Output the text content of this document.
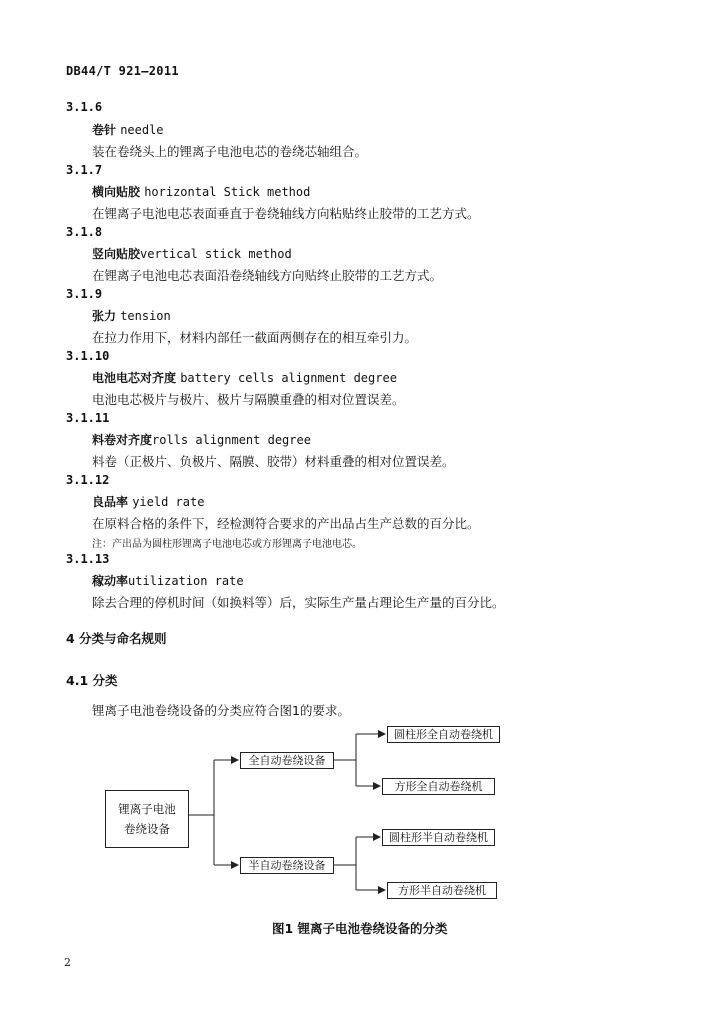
DB44/T 921—2011
3.1.6
卷针 needle
装在卷绕头上的锂离子电池电芯的卷绕芯轴组合。
3.1.7
横向贴胶 horizontal Stick method
在锂离子电池电芯表面垂直于卷绕轴线方向粘贴终止胶带的工艺方式。
3.1.8
竖向贴胶vertical stick method
在锂离子电池电芯表面沿卷绕轴线方向贴终止胶带的工艺方式。
3.1.9
张力 tension
在拉力作用下，材料内部任一截面两侧存在的相互牵引力。
3.1.10
电池电芯对齐度 battery cells alignment degree
电池电芯极片与极片、极片与隔膜重叠的相对位置误差。
3.1.11
料卷对齐度rolls alignment degree
料卷（正极片、负极片、隔膜、胶带）材料重叠的相对位置误差。
3.1.12
良品率 yield rate
在原料合格的条件下，经检测符合要求的产出品占生产总数的百分比。
注：产出品为圆柱形锂离子电池电芯或方形锂离子电池电芯。
3.1.13
稼动率utilization rate
除去合理的停机时间（如换料等）后，实际生产量占理论生产量的百分比。
4 分类与命名规则
4.1 分类
锂离子电池卷绕设备的分类应符合图1的要求。
锂离子电池
卷绕设备
全自动卷绕设备
半自动卷绕设备
圆柱形全自动卷绕机
方形全自动卷绕机
圆柱形半自动卷绕机
方形半自动卷绕机
图1 锂离子电池卷绕设备的分类
2
